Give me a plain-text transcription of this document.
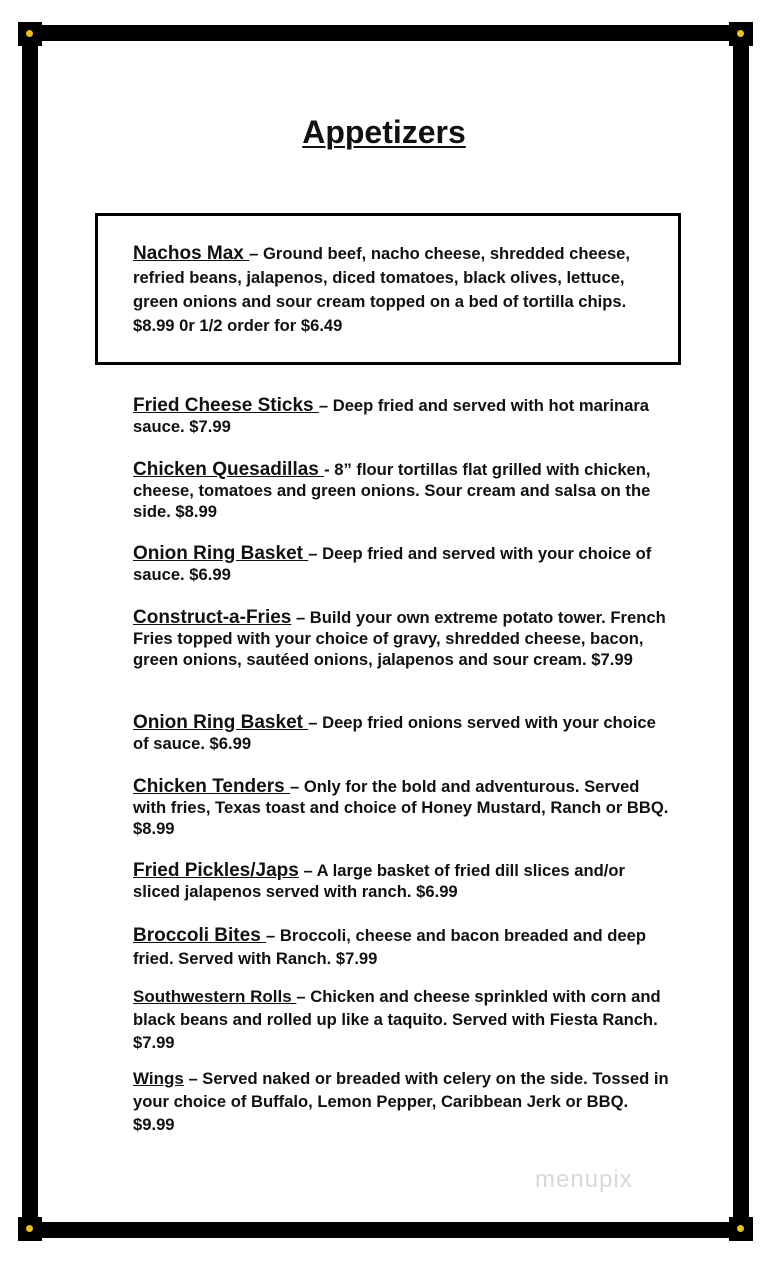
Appetizers
Nachos Max – Ground beef, nacho cheese, shredded cheese, refried beans, jalapenos, diced tomatoes, black olives, lettuce, green onions and sour cream topped on a bed of tortilla chips. $8.99 0r 1/2 order for $6.49
Fried Cheese Sticks – Deep fried and served with hot marinara sauce. $7.99
Chicken Quesadillas - 8” flour tortillas flat grilled with chicken, cheese, tomatoes and green onions. Sour cream and salsa on the side. $8.99
Onion Ring Basket – Deep fried and served with your choice of sauce. $6.99
Construct-a-Fries – Build your own extreme potato tower. French Fries topped with your choice of gravy, shredded cheese, bacon, green onions, sautéed onions, jalapenos and sour cream. $7.99
Onion Ring Basket – Deep fried onions served with your choice of sauce. $6.99
Chicken Tenders – Only for the bold and adventurous. Served with fries, Texas toast and choice of Honey Mustard, Ranch or BBQ. $8.99
Fried Pickles/Japs – A large basket of fried dill slices and/or sliced jalapenos served with ranch. $6.99
Broccoli Bites – Broccoli, cheese and bacon breaded and deep fried. Served with Ranch. $7.99
Southwestern Rolls – Chicken and cheese sprinkled with corn and black beans and rolled up like a taquito. Served with Fiesta Ranch. $7.99
Wings – Served naked or breaded with celery on the side. Tossed in your choice of Buffalo, Lemon Pepper, Caribbean Jerk or BBQ. $9.99
menupix
